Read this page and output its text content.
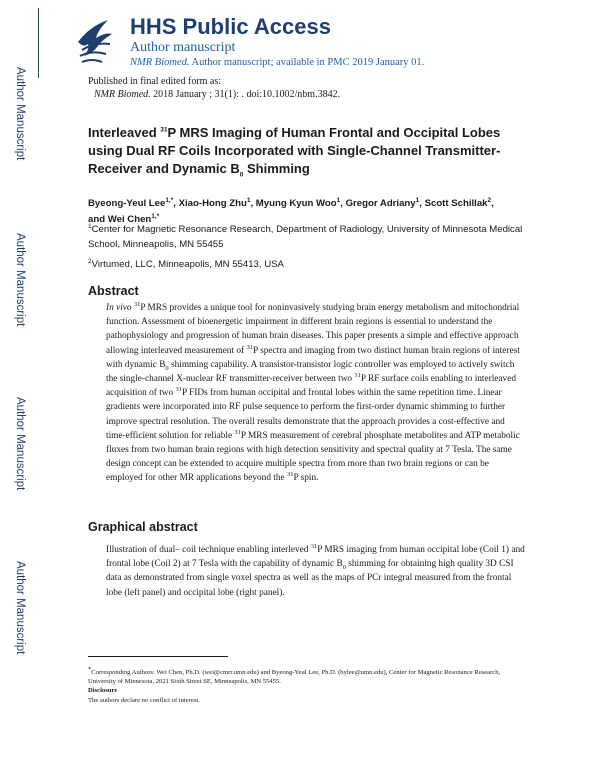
Author Manuscript
Author Manuscript
Author Manuscript
Author Manuscript
HHS Public Access
Author manuscript
NMR Biomed. Author manuscript; available in PMC 2019 January 01.
Published in final edited form as:
NMR Biomed. 2018 January ; 31(1): . doi:10.1002/nbm.3842.
Interleaved $^{31}$P MRS Imaging of Human Frontal and Occipital Lobes using Dual RF Coils Incorporated with Single-Channel Transmitter-Receiver and Dynamic $B_0$ Shimming
Byeong-Yeul Lee$^{1,*}$, Xiao-Hong Zhu$^1$, Myung Kyun Woo$^1$, Gregor Adriany$^1$, Scott Schillak$^2$,
and Wei Chen$^{1,*}$
$^1$Center for Magnetic Resonance Research, Department of Radiology, University of Minnesota Medical School, Minneapolis, MN 55455
$^2$Virtumed, LLC, Minneapolis, MN 55413, USA
Abstract
In vivo $^{31}$P MRS provides a unique tool for noninvasively studying brain energy metabolism and mitochondrial function. Assessment of bioenergetic impairment in different brain regions is essential to understand the pathophysiology and progression of human brain diseases. This paper presents a simple and effective approach allowing interleaved measurement of $^{31}$P spectra and imaging from two distinct human brain regions of interest with dynamic $B_0$ shimming capability. A transistor-transistor logic controller was employed to actively switch the single-channel X-nuclear RF transmitter-receiver between two $^{31}$P RF surface coils enabling to interleaved acquisition of two $^{31}$P FIDs from human occipital and frontal lobes within the same repetition time. Linear gradients were incorporated into RF pulse sequence to perform the first-order dynamic shimming to further improve spectral resolution. The overall results demonstrate that the approach provides a cost-effective and time-efficient solution for reliable $^{31}$P MRS measurement of cerebral phosphate metabolites and ATP metabolic fluxes from two human brain regions with high detection sensitivity and spectral quality at 7 Tesla. The same design concept can be extended to acquire multiple spectra from more than two brain regions or can be employed for other MR applications beyond the $^{31}$P spin.
Graphical abstract
Illustration of dual– coil technique enabling interleved $^{31}$P MRS imaging from human occipital lobe (Coil 1) and frontal lobe (Coil 2) at 7 Tesla with the capability of dynamic $B_0$ shimming for obtaining high quality 3D CSI data as demonstrated from single voxel spectra as well as the maps of PCr integral measured from the frontal lobe (left panel) and occipital lobe (right panel).
*Corresponding Authors: Wei Chen, Ph.D. (wei@cmrr.umn.edu) and Byeong-Yeul Lee, Ph.D. (bylee@umn.edu), Center for Magnetic Resonance Research, University of Minnesota, 2021 Sixth Street SE, Minneapolis, MN 55455.
Disclosure
The authors declare no conflict of interest.
